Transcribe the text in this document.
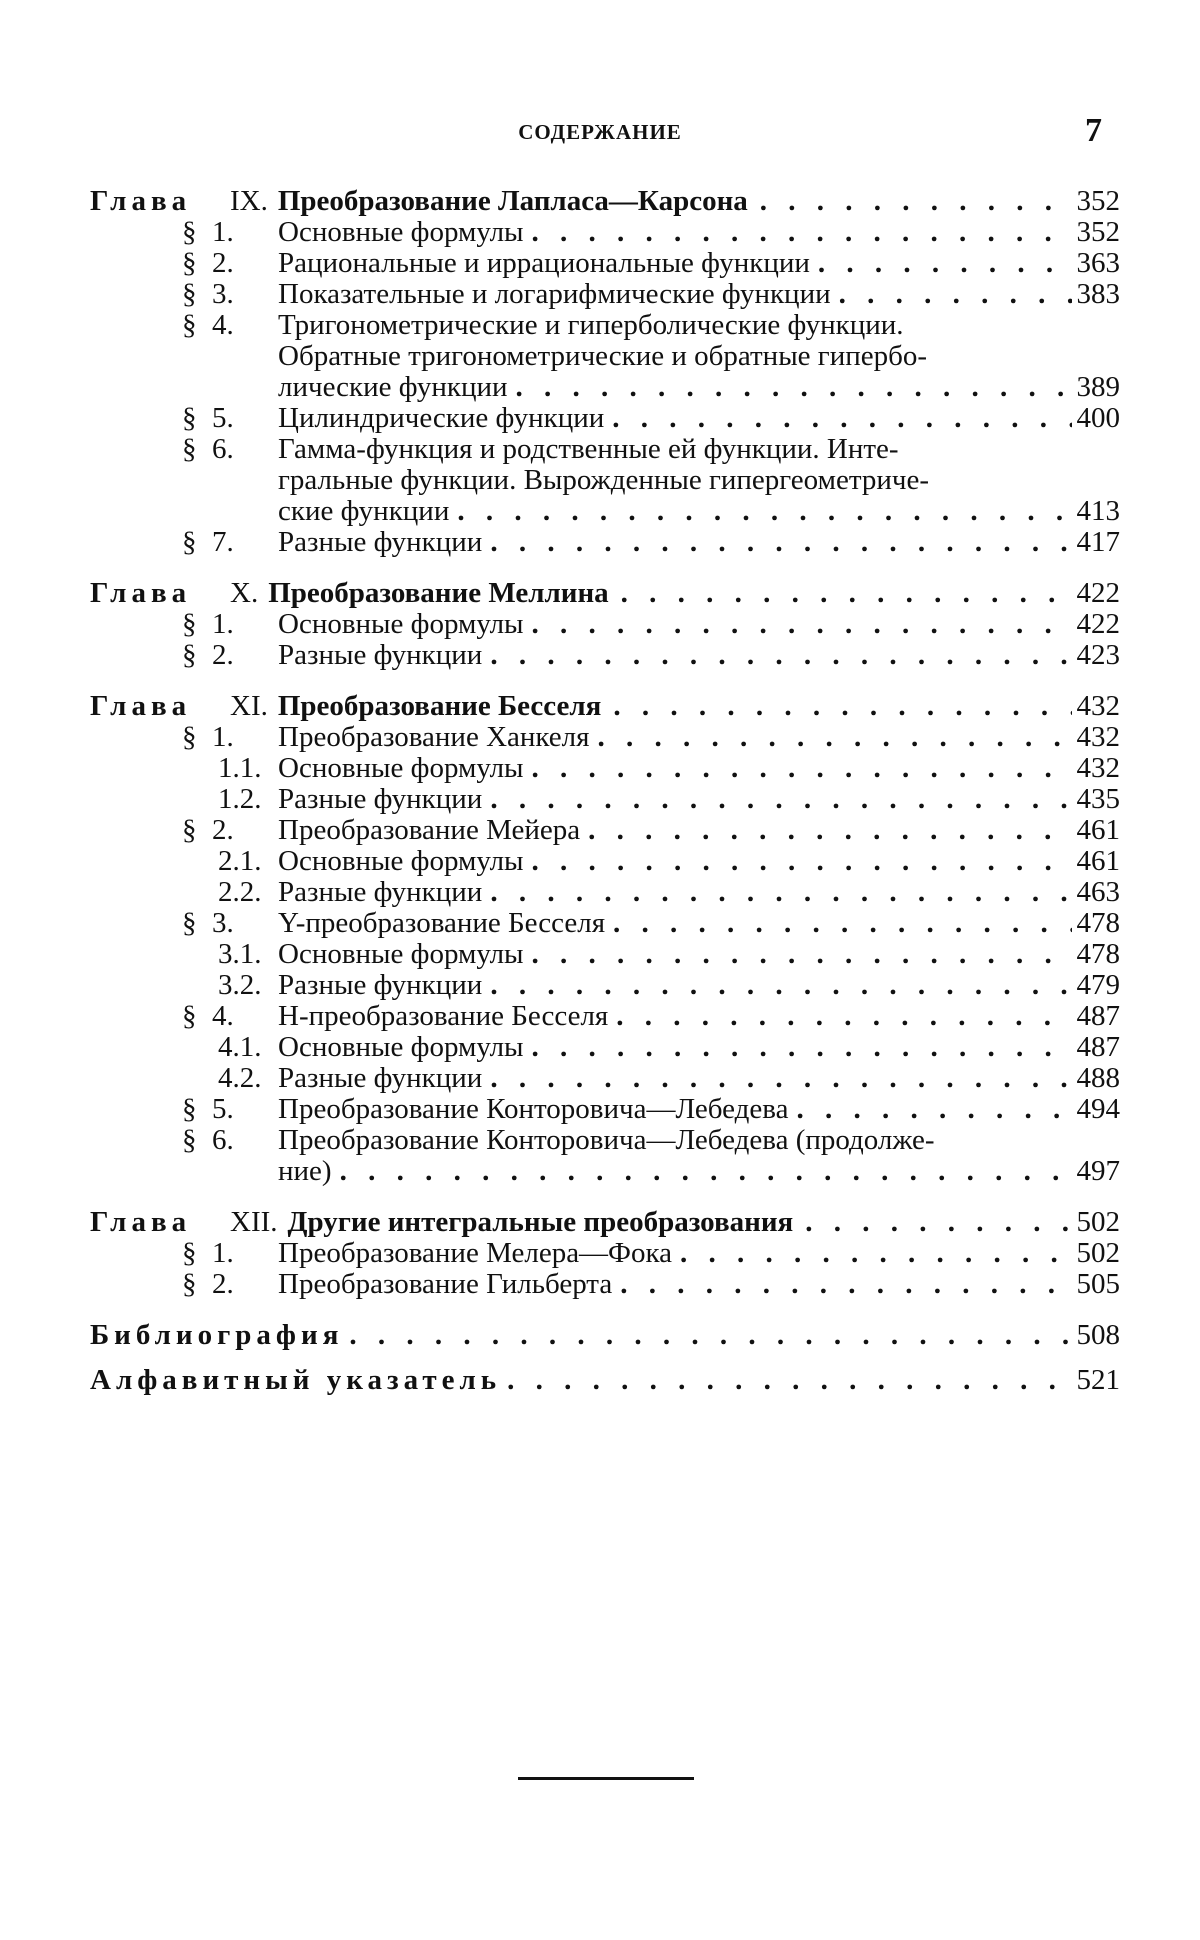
СОДЕРЖАНИЕ	7
Глава IX. Преобразование Лапласа—Карсона . . . . . . . . . . . 352
§ 1. Основные формулы . . . . . . . . . . . . . . . . . . . 352
§ 2. Рациональные и иррациональные функции . . . . . . . . . 363
§ 3. Показательные и логарифмические функции . . . . . . . . 383
§ 4. Тригонометрические и гиперболические функции.
Обратные тригонометрические и обратные гипербо-
лические функции . . . . . . . . . . . . . . . . . . . . 389
§ 5. Цилиндрические функции . . . . . . . . . . . . . . . . 400
§ 6. Гамма-функция и родственные ей функции. Инте-
гральные функции. Вырожденные гипергеометриче-
ские функции . . . . . . . . . . . . . . . . . . . . . . 413
§ 7. Разные функции . . . . . . . . . . . . . . . . . . . .	417
Глава X. Преобразование Меллина . . . . . . . . . . . . . . . . 422
§ 1. Основные формулы . . . . . . . . . . . . . . . . . . . 422
§ 2. Разные функции . . . . . . . . . . . . . . . . . . . .	423
Глава XI. Преобразование Бесселя . . . . . . . . . . . . . . . . 432
§ 1. Преобразование Ханкеля . . . . . . . . . . . . . . . . . 432
1.1. Основные формулы . . . . . . . . . . . . . . . . . . . 432
1.2. Разные функции . . . . . . . . . . . . . . . . . . . .	435
§ 2. Преобразование Мейера . . . . . . . . . . . . . . . . . 461
2.1. Основные формулы . . . . . . . . . . . . . . . . . . . 461
2.2. Разные функции . . . . . . . . . . . . . . . . . . . .	463
§ 3. Y-преобразование Бесселя . . . . . . . . . . . . . . . . 478
3.1. Основные формулы . . . . . . . . . . . . . . . . . . . 478
3.2. Разные функции . . . . . . . . . . . . . . . . . . . .	479
§ 4. H-преобразование Бесселя . . . . . . . . . . . . . . . . 487
4.1. Основные формулы . . . . . . . . . . . . . . . . . . . 487
4.2. Разные функции . . . . . . . . . . . . . . . . . . . .	488
§ 5. Преобразование Конторовича—Лебедева . . . . . . . . . . 494
§ 6. Преобразование Конторовича—Лебедева (продолже-
ние) . . . . . . . . . . . . . . . . . . . . . . . . . . 497
Глава XII. Другие интегральные преобразования . . . . . . . . .	502
§ 1. Преобразование Мелера—Фока . . . . . . . . . . . . . . 502
§ 2. Преобразование Гильберта . . . . . . . . . . . . . . . . 505
Библиография . . . . . . . . . . . . . . . . . . . . . . . . . 508
Алфавитный указатель . . . . . . . . . . . . . . . . . . . . 521
